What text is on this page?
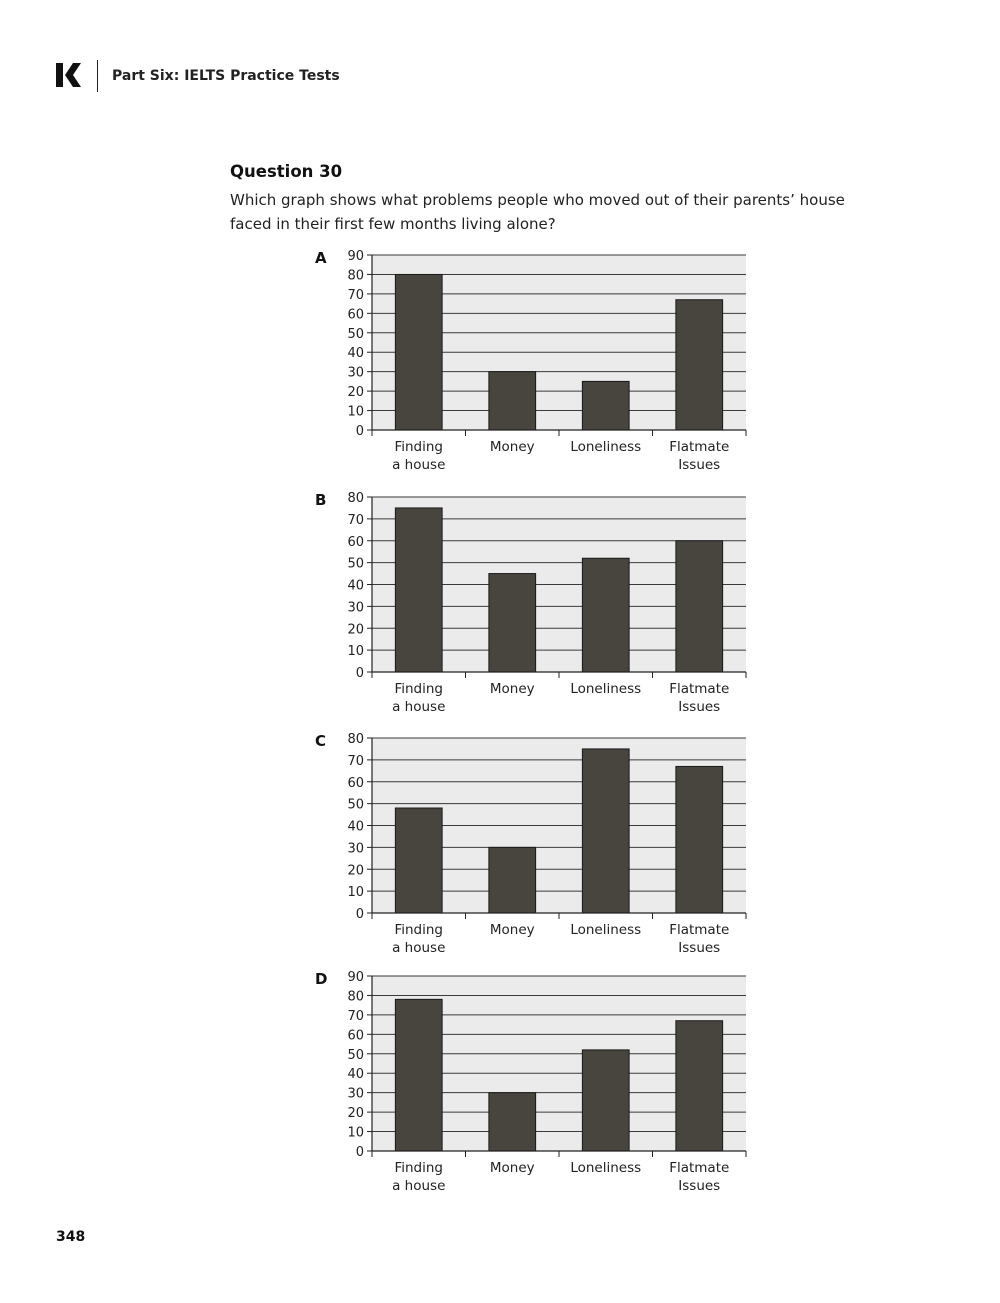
Part Six: IELTS Practice Tests
Question 30
Which graph shows what problems people who moved out of their parents’ house faced in their first few months living alone?
A
0
10
20
30
40
50
60
70
80
90
Finding a house
Money	Loneliness Flatmate Issues
B
0
10
20
30
40
50
60
70
80
Finding a house
Money	Loneliness Flatmate Issues
C
0
10
20
30
40
50
60
70
80
Finding a house
Money	Loneliness Flatmate Issues
D
0
10
20
30
40
50
60
70
80
90
Finding a house
Money	Loneliness Flatmate Issues
348
